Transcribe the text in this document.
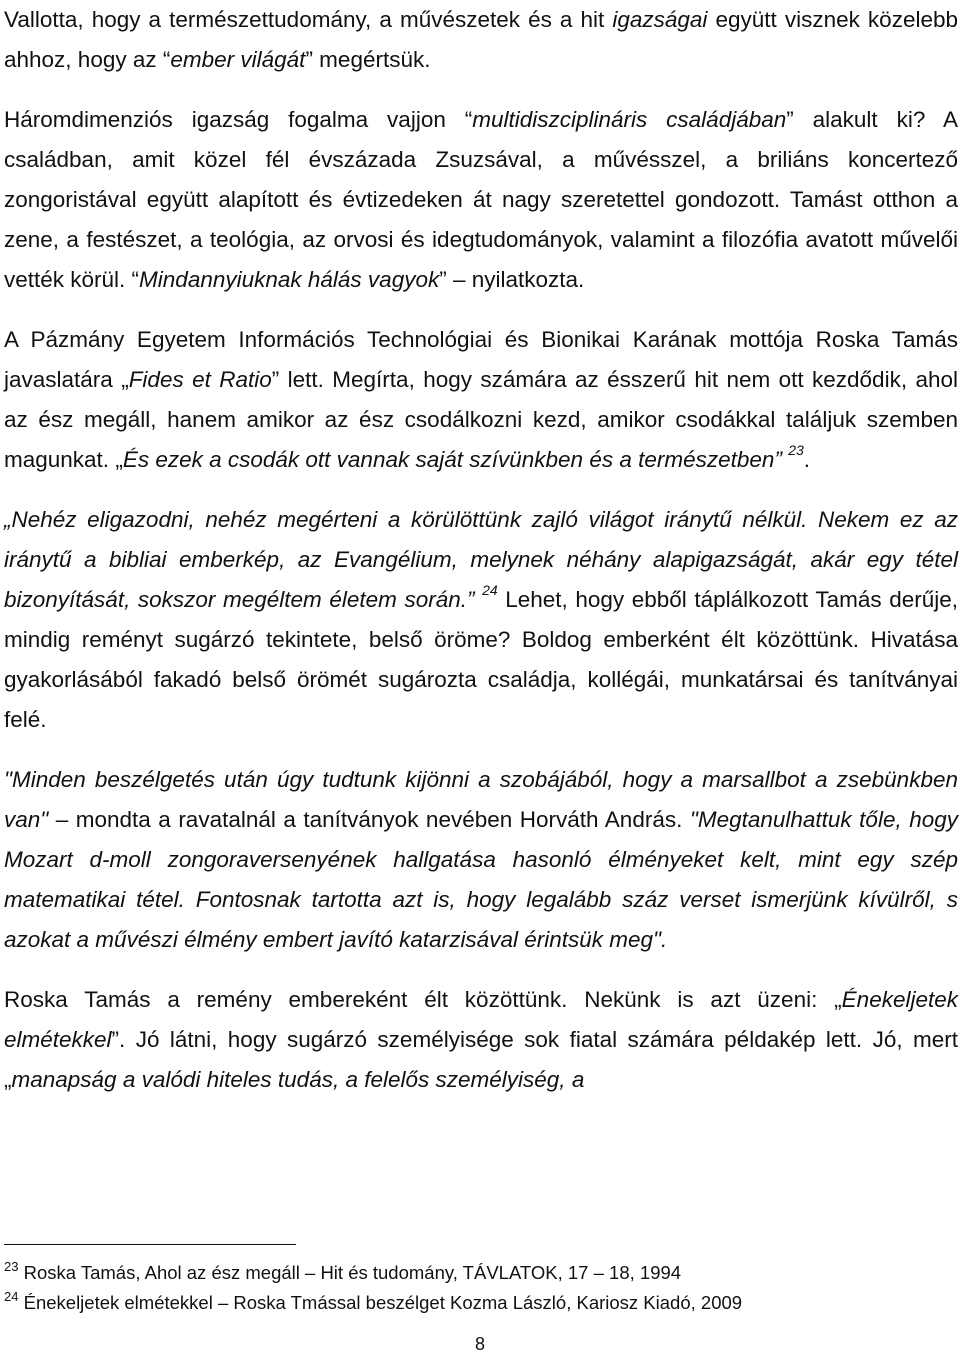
Vallotta, hogy a természettudomány, a művészetek és a hit igazságai együtt visznek közelebb ahhoz, hogy az “ember világát” megértsük.

Háromdimenziós igazság fogalma vajjon “multidiszciplináris családjában” alakult ki? A családban, amit közel fél évszázada Zsuzsával, a művésszel, a briliáns koncertező zongoristával együtt alapított és évtizedeken át nagy szeretettel gondozott. Tamást otthon a zene, a festészet, a teológia, az orvosi és idegtudományok, valamint a filozófia avatott művelői vették körül. “Mindannyiuknak hálás vagyok” – nyilatkozta.

A Pázmány Egyetem Információs Technológiai és Bionikai Karának mottója Roska Tamás javaslatára „Fides et Ratio” lett. Megírta, hogy számára az ésszerű hit nem ott kezdődik, ahol az ész megáll, hanem amikor az ész csodálkozni kezd, amikor csodákkal találjuk szemben magunkat. „És ezek a csodák ott vannak saját szívünkben és a természetben” $^{23}$.

„Nehéz eligazodni, nehéz megérteni a körülöttünk zajló világot iránytű nélkül. Nekem ez az iránytű a bibliai emberkép, az Evangélium, melynek néhány alapigazságát, akár egy tétel bizonyítását, sokszor megéltem életem során.” $^{24}$ Lehet, hogy ebből táplálkozott Tamás derűje, mindig reményt sugárzó tekintete, belső öröme? Boldog emberként élt közöttünk. Hivatása gyakorlásából fakadó belső örömét sugározta családja, kollégái, munkatársai és tanítványai felé.

"Minden beszélgetés után úgy tudtunk kijönni a szobájából, hogy a marsallbot a zsebünkben van" – mondta a ravatalnál a tanítványok nevében Horváth András. "Megtanulhattuk tőle, hogy Mozart d-moll zongoraversenyének hallgatása hasonló élményeket kelt, mint egy szép matematikai tétel. Fontosnak tartotta azt is, hogy legalább száz verset ismerjünk kívülről, s azokat a művészi élmény embert javító katarzisával érintsük meg".

Roska Tamás a remény embereként élt közöttünk. Nekünk is azt üzeni: „Énekeljetek elmétekkel”. Jó látni, hogy sugárzó személyisége sok fiatal számára példakép lett. Jó, mert „manapság a valódi hiteles tudás, a felelős személyiség, a

$^{23}$ Roska Tamás, Ahol az ész megáll – Hit és tudomány, TÁVLATOK, 17 – 18, 1994
$^{24}$ Énekeljetek elmétekkel – Roska Tmással beszélget Kozma László, Kariosz Kiadó, 2009
8
